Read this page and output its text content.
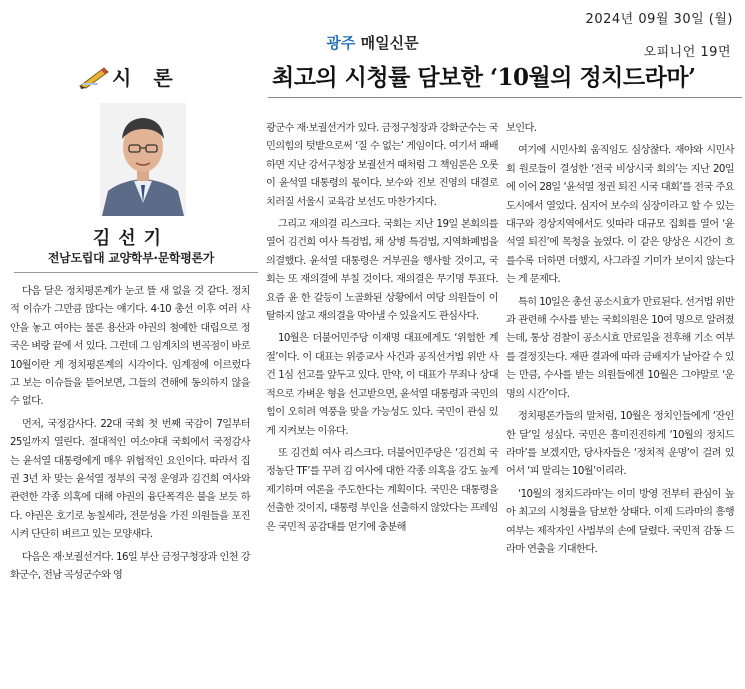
2024년 09월 30일 (월)
광주 매일신문
오피니언 19면
시론	최고의 시청률 담보한 ‘10월의 정치드라마’
김선기
전남도립대 교양학부·문학평론가

다음 달은 정치평론계가 눈코 뜰 새 없을 것 같다. 정치적 이슈가 그만큼 많다는 얘기다. 4·10 총선 이후 여러 사안을 놓고 여야는 물론 용산과 야권의 첨예한 대립으로 정국은 벼랑 끝에 서 있다. 그런데 그 임계치의 변곡점이 바로 10월이란 게 정치평론계의 시각이다. 임계점에 이르렀다고 보는 이슈들을 뜯어보면, 그들의 견해에 동의하지 않을 수 없다.

먼저, 국정감사다. 22대 국회 첫 번째 국감이 7일부터 25일까지 열린다. 절대적인 여소야대 국회에서 국정감사는 윤석열 대통령에게 매우 위협적인 요인이다. 따라서 집권 3년 차 맞는 윤석열 정부의 국정 운영과 김건희 여사와 관련한 각종 의혹에 대해 야권의 융단폭격은 불을 보듯 하다. 야권은 호기로 농칠세라, 전문성을 가진 의원들을 포진시켜 단단히 벼르고 있는 모양새다.

다음은 재·보궐선거다. 16일 부산 금정구청장과 인천 강화군수, 전남 곡성군수와 영

광군수 재·보궐선거가 있다. 금정구청장과 강화군수는 국민의힘의 텃밭으로써 ‘질 수 없는’ 게임이다. 여기서 패배하면 지난 강서구청장 보궐선거 때처럼 그 책임론은 오롯이 윤석열 대통령의 몫이다. 보수와 진보 진영의 대결로 치러질 서울시 교육감 보선도 마찬가지다.

그리고 재의결 리스크다. 국회는 지난 19일 본회의를 열어 김건희 여사 특검법, 채 상병 특검법, 지역화폐법을 의결했다. 윤석열 대통령은 거부권을 행사할 것이고, 국회는 또 재의결에 부칠 것이다. 재의결은 무기명 투표다. 요즘 윤 한 갈등이 노골화된 상황에서 여당 의원들이 이탈하지 않고 재의결을 막아낼 수 있을지도 관심사다.

10월은 더불어민주당 이재명 대표에게도 ‘위험한 계절’이다. 이 대표는 위증교사 사건과 공직선거법 위반 사건 1심 선고를 앞두고 있다. 만약, 이 대표가 무죄나 상대적으로 가벼운 형을 선고받으면, 윤석열 대통령과 국민의힘이 오히려 역풍을 맞을 가능성도 있다. 국민이 관심 있게 지켜보는 이유다.

또 김건희 여사 리스크다. 더불어민주당은 ‘김건희 국정농단 TF’를 꾸려 김 여사에 대한 각종 의혹을 강도 높게 제기하며 여론을 주도한다는 계획이다. 국민은 대통령을 선출한 것이지, 대통령 부인을 선출하지 않았다는 프레임은 국민적 공감대를 얻기에 충분해

보인다.

여기에 시민사회 움직임도 심상찮다. 재야와 시민사회 원로들이 결성한 ‘전국 비상시국 회의’는 지난 20일에 이어 28일 ‘윤석열 정권 퇴진 시국 대회’를 전국 주요 도시에서 열었다. 심지어 보수의 심장이라고 할 수 있는 대구와 경상지역에서도 잇따라 대규모 집회를 열어 ‘윤석열 퇴진’에 목청을 높였다. 이 같은 양상은 시간이 흐를수록 더하면 더했지, 사그라질 기미가 보이지 않는다는 게 문제다.

특히 10일은 총선 공소시효가 만료된다. 선거법 위반과 관련해 수사를 받는 국회의원은 10여 명으로 알려졌는데, 통상 검찰이 공소시효 만료일을 전후해 기소 여부를 결정짓는다. 재판 결과에 따라 금배지가 날아갈 수 있는 만큼, 수사를 받는 의원들에겐 10월은 그야말로 ‘운명의 시간’이다.

정치평론가들의 말처럼, 10월은 정치인들에게 ‘잔인한 달’일 성싶다. 국민은 흥미진진하게 ‘10월의 정치드라마’를 보겠지만, 당사자들은 ‘정치적 운명’이 걸려 있어서 ‘피 말리는 10월’이리라.

‘10월의 정치드라마’는 이미 방영 전부터 관심이 높아 최고의 시청률을 담보한 상태다. 이제 드라마의 흥행 여부는 제작자인 사법부의 손에 달렸다. 국민적 감동 드라마 연출을 기대한다.
